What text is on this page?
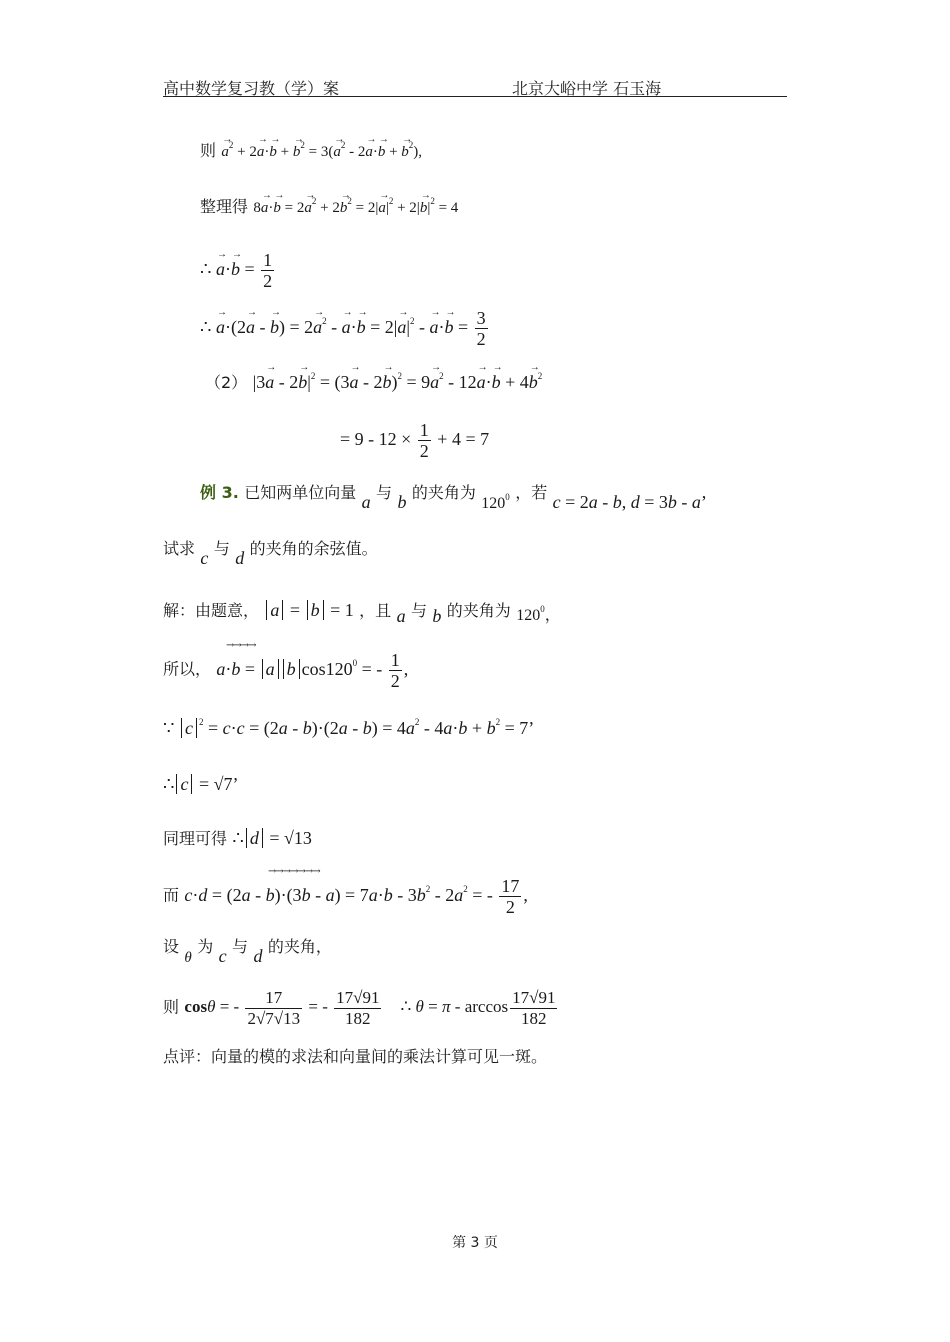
高中数学复习教（学）案	北京大峪中学 石玉海
则 → $a^2 + 2\to a\cdot\to b$ + → $b^2 = 3(\to a^2 - 2\to a\cdot\to b$ + → $b^2$),
整理得 $8\to a\cdot\to b = 2\to a^2 + 2\to b^2 = 2|\to a|^2 + 2|\to b|^2 = 4$
∴ → $a\cdot\to b = \frac{1}{2}$
∴ → a·(2→ a - → $b) = 2\to a^2$ - → $a\cdot\to b = 2|\to a|^2$ - → $a\cdot\to b = \frac{3}{2}$
（2） $|3\to a - 2\to b|^2 = (3\to a - 2\to b)^2 = 9\to a^2 - 12\to a\cdot\to b + 4\to b^2$
= $9 - 12 \times \frac{1}{2} + 4 = 7$
例 3. 已知两单位向量 a 与 b 的夹角为 $120^0$ ，若 c = 2a - b, d = 3b - a’
试求 c 与 d 的夹角的余弦值。
解：由题意， a = b = 1 ，且 a 与 b 的夹角为 $120^0$，
→→→→
所以， a·b = a b $\cos 120^0$ = - $\frac{1}{2}$ ,
∵ c $^2 = c\cdot c = (2a - b)\cdot(2a - b) = 4a^2 - 4a\cdot b + b^2 = 7$’
∴ c = √7’
同理可得 ∴ d = √13
→→→→→→→
而 $c\cdot d = (2a - b)\cdot(3b - a) = 7a\cdot b - 3b^2 - 2a^2$ = - $\frac{17}{2}$ ,
设 θ 为 c 与 d 的夹角，
则 cosθ = - $\frac{17}{2√7√13}$ = - $\frac{17√91}{182}$ ∴ $\theta = \pi - \arccos \frac{17√91}{182}$
点评：向量的模的求法和向量间的乘法计算可见一斑。
第 3 页
